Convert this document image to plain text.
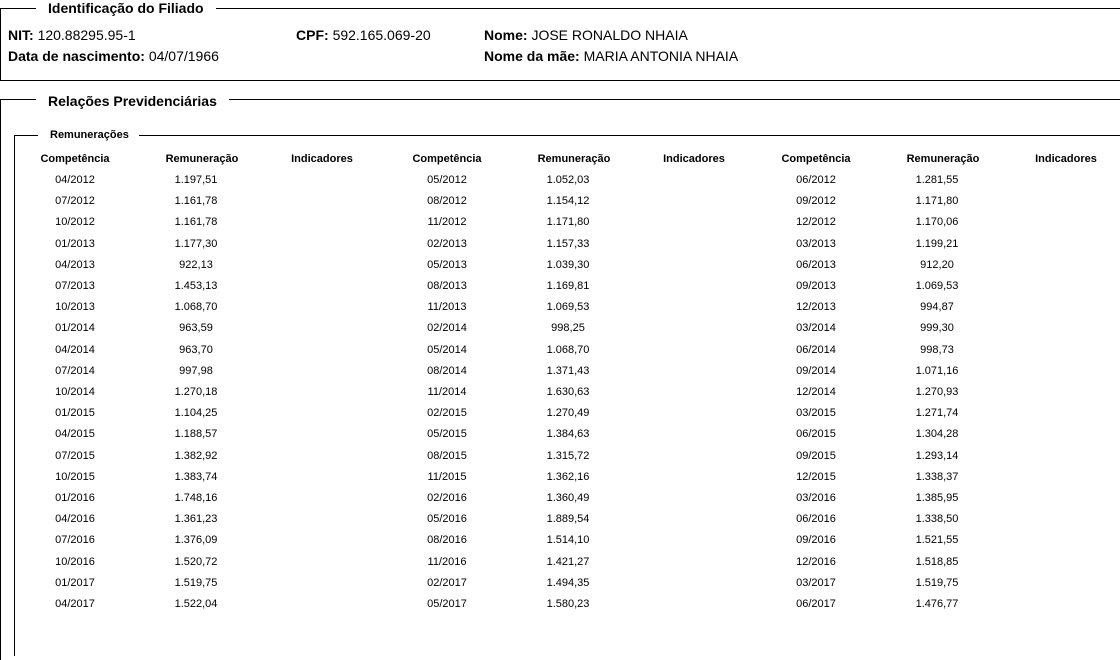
Identificação do Filiado
NIT: 120.88295.95-1	CPF: 592.165.069-20	Nome: JOSE RONALDO NHAIA
Data de nascimento: 04/07/1966	Nome da mãe: MARIA ANTONIA NHAIA
Relações Previdenciárias
Remunerações
Competência	Remuneração	Indicadores	Competência	Remuneração	Indicadores	Competência	Remuneração	Indicadores
04/2012	1.197,51	05/2012	1.052,03	06/2012	1.281,55
07/2012	1.161,78	08/2012	1.154,12	09/2012	1.171,80
10/2012	1.161,78	11/2012	1.171,80	12/2012	1.170,06
01/2013	1.177,30	02/2013	1.157,33	03/2013	1.199,21
04/2013	922,13	05/2013	1.039,30	06/2013	912,20
07/2013	1.453,13	08/2013	1.169,81	09/2013	1.069,53
10/2013	1.068,70	11/2013	1.069,53	12/2013	994,87
01/2014	963,59	02/2014	998,25	03/2014	999,30
04/2014	963,70	05/2014	1.068,70	06/2014	998,73
07/2014	997,98	08/2014	1.371,43	09/2014	1.071,16
10/2014	1.270,18	11/2014	1.630,63	12/2014	1.270,93
01/2015	1.104,25	02/2015	1.270,49	03/2015	1.271,74
04/2015	1.188,57	05/2015	1.384,63	06/2015	1.304,28
07/2015	1.382,92	08/2015	1.315,72	09/2015	1.293,14
10/2015	1.383,74	11/2015	1.362,16	12/2015	1.338,37
01/2016	1.748,16	02/2016	1.360,49	03/2016	1.385,95
04/2016	1.361,23	05/2016	1.889,54	06/2016	1.338,50
07/2016	1.376,09	08/2016	1.514,10	09/2016	1.521,55
10/2016	1.520,72	11/2016	1.421,27	12/2016	1.518,85
01/2017	1.519,75	02/2017	1.494,35	03/2017	1.519,75
04/2017	1.522,04	05/2017	1.580,23	06/2017	1.476,77
